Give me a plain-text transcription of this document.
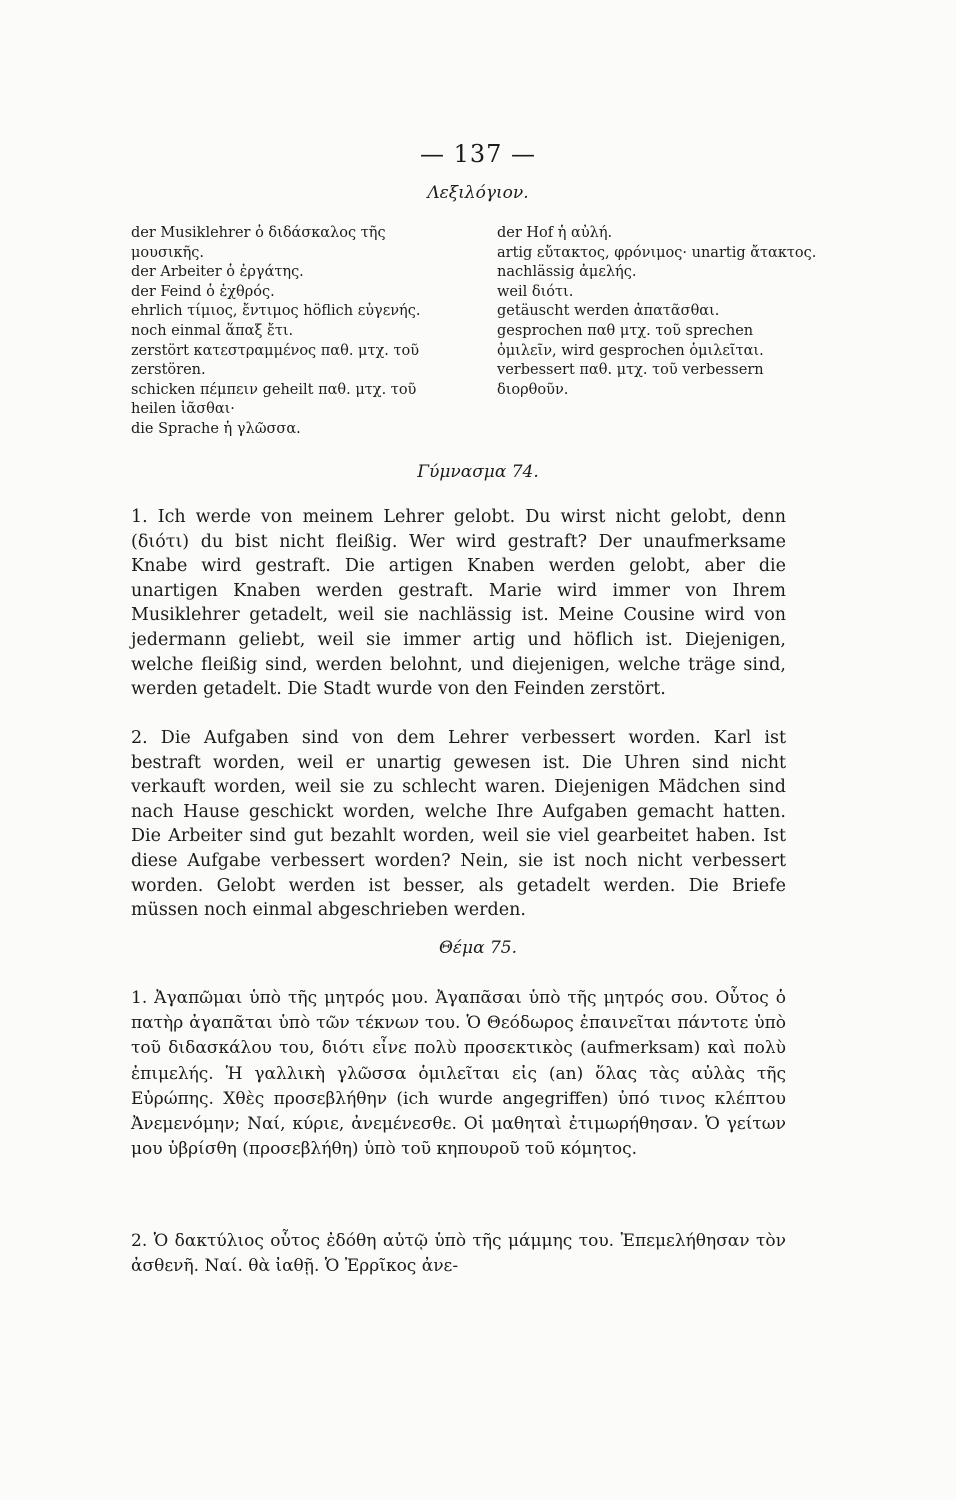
— 137 —
Λεξιλόγιον.

der Musiklehrer ὁ διδάσκαλος τῆς μουσικῆς.

der Arbeiter ὁ ἐργάτης.

der Feind ὁ ἐχθρός.

ehrlich τίμιος, ἔντιμος höflich εὐγενής.

noch einmal ἅπαξ ἔτι.

zerstört κατεστραμμένος παθ. μτχ. τοῦ zerstören.

schicken πέμπειν geheilt παθ. μτχ. τοῦ heilen ἰᾶσθαι·

die Sprache ἡ γλῶσσα.

der Hof ἡ αὐλή.

artig εὔτακτος, φρόνιμος· unartig ἄτακτος.

nachlässig ἀμελής.

weil διότι.

getäuscht werden ἀπατᾶσθαι.

gesprochen παθ μτχ. τοῦ sprechen ὁμιλεῖν, wird gesprochen ὁμιλεῖται.

verbessert παθ. μτχ. τοῦ verbessern διορθοῦν.

Γύμνασμα 74.

1. Ich werde von meinem Lehrer gelobt. Du wirst nicht gelobt, denn (διότι) du bist nicht fleißig. Wer wird gestraft? Der unaufmerksame Knabe wird gestraft. Die artigen Knaben werden gelobt, aber die unartigen Knaben werden gestraft. Marie wird immer von Ihrem Musiklehrer getadelt, weil sie nachlässig ist. Meine Cousine wird von jedermann geliebt, weil sie immer artig und höflich ist. Diejenigen, welche fleißig sind, werden belohnt, und diejenigen, welche träge sind, werden getadelt. Die Stadt wurde von den Feinden zerstört.

2. Die Aufgaben sind von dem Lehrer verbessert worden. Karl ist bestraft worden, weil er unartig gewesen ist. Die Uhren sind nicht verkauft worden, weil sie zu schlecht waren. Diejenigen Mädchen sind nach Hause geschickt worden, welche Ihre Aufgaben gemacht hatten. Die Arbeiter sind gut bezahlt worden, weil sie viel gearbeitet haben. Ist diese Aufgabe verbessert worden? Nein, sie ist noch nicht verbessert worden. Gelobt werden ist besser, als getadelt werden. Die Briefe müssen noch einmal abgeschrieben werden.

Θέμα 75.

1. Ἀγαπῶμαι ὑπὸ τῆς μητρός μου. Ἀγαπᾶσαι ὑπὸ τῆς μητρός σου. Οὗτος ὁ πατὴρ ἀγαπᾶται ὑπὸ τῶν τέκνων του. Ὁ Θεόδωρος ἐπαινεῖται πάντοτε ὑπὸ τοῦ διδασκάλου του, διότι εἶνε πολὺ προσεκτικὸς (aufmerksam) καὶ πολὺ ἐπιμελής. Ἡ γαλλικὴ γλῶσσα ὁμιλεῖται εἰς (an) ὅλας τὰς αὐλὰς τῆς Εὐρώπης. Χθὲς προσεβλήθην (ich wurde angegriffen) ὑπό τινος κλέπτου Ἀνεμενόμην; Ναί, κύριε, ἀνεμένεσθε. Οἱ μαθηταὶ ἐτιμωρήθησαν. Ὁ γείτων μου ὑβρίσθη (προσεβλήθη) ὑπὸ τοῦ κηπουροῦ τοῦ κόμητος.

2. Ὁ δακτύλιος οὗτος ἐδόθη αὐτῷ ὑπὸ τῆς μάμμης του. Ἐπεμελήθησαν τὸν ἀσθενῆ. Ναί. θὰ ἰαθῇ. Ὁ Ἐρρῖκος ἀνε-
